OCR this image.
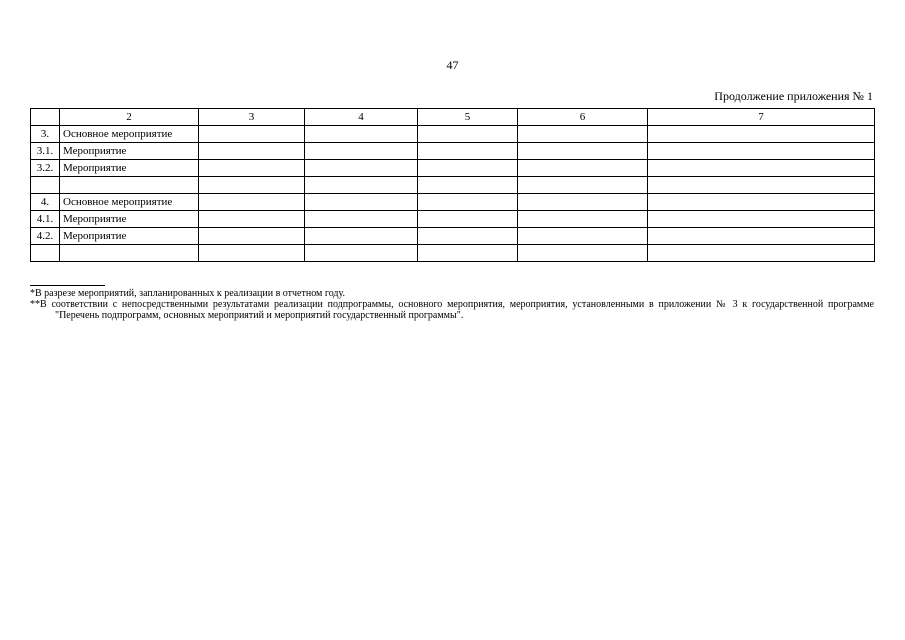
47
Продолжение приложения № 1
	2	3	4	5	6	7
3.	Основное мероприятие					
3.1.	Мероприятие					
3.2.	Мероприятие					

4.	Основное мероприятие					
4.1.	Мероприятие					
4.2.	Мероприятие					

*В разрезе мероприятий, запланированных к реализации в отчетном году.

**В соответствии с непосредственными результатами реализации подпрограммы, основного мероприятия, мероприятия, установленными в приложении № 3 к государственной программе "Перечень подпрограмм, основных мероприятий и мероприятий государственный программы".
